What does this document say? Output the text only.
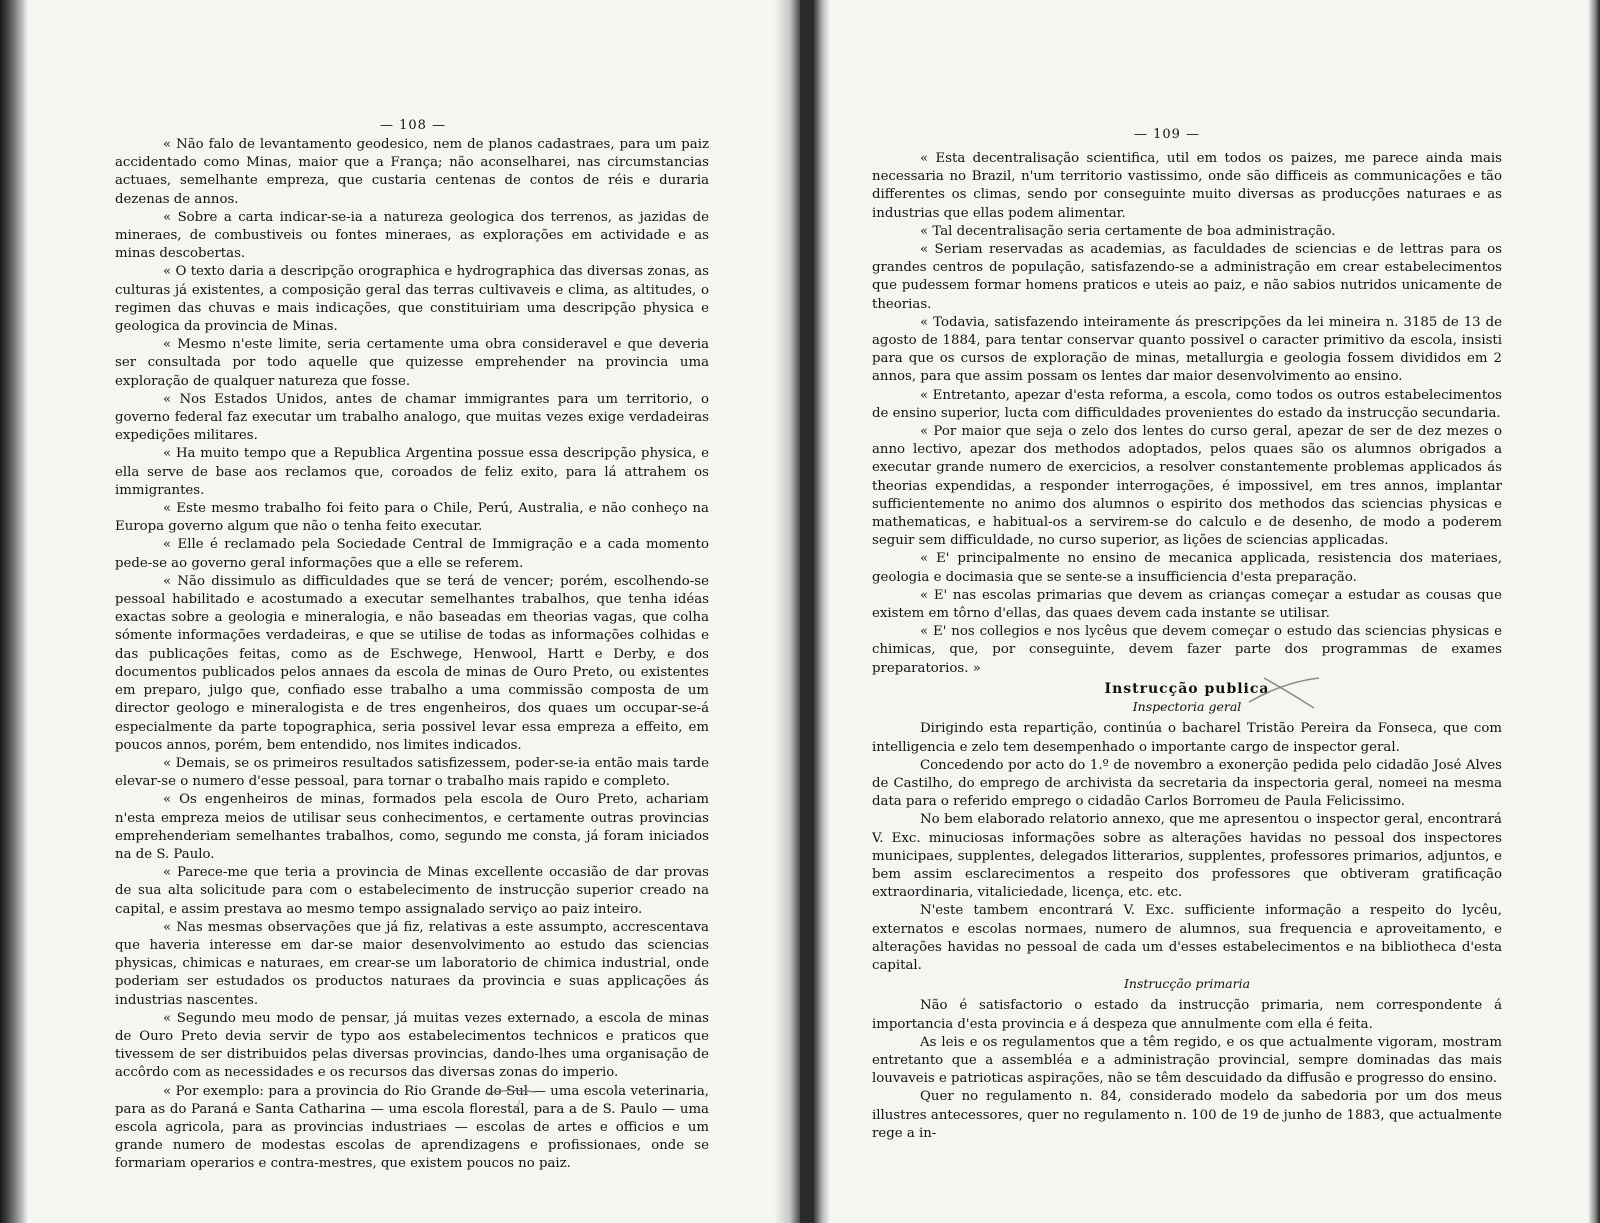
— 108 —

« Não falo de levantamento geodesico, nem de planos cadastraes, para um paiz accidentado como Minas, maior que a França; não aconselharei, nas circumstancias actuaes, semelhante empreza, que custaria centenas de contos de réis e duraria dezenas de annos.

« Sobre a carta indicar-se-ia a natureza geologica dos terrenos, as jazidas de mineraes, de combustiveis ou fontes mineraes, as explorações em actividade e as minas descobertas.

« O texto daria a descripção orographica e hydrographica das diversas zonas, as culturas já existentes, a composição geral das terras cultivaveis e clima, as altitudes, o regimen das chuvas e mais indicações, que constituiriam uma descripção physica e geologica da provincia de Minas.

« Mesmo n'este limite, seria certamente uma obra consideravel e que deveria ser consultada por todo aquelle que quizesse emprehender na provincia uma exploração de qualquer natureza que fosse.

« Nos Estados Unidos, antes de chamar immigrantes para um territorio, o governo federal faz executar um trabalho analogo, que muitas vezes exige verdadeiras expedições militares.

« Ha muito tempo que a Republica Argentina possue essa descripção physica, e ella serve de base aos reclamos que, coroados de feliz exito, para lá attrahem os immigrantes.

« Este mesmo trabalho foi feito para o Chile, Perú, Australia, e não conheço na Europa governo algum que não o tenha feito executar.

« Elle é reclamado pela Sociedade Central de Immigração e a cada momento pede-se ao governo geral informações que a elle se referem.

« Não dissimulo as difficuldades que se terá de vencer; porém, escolhendo-se pessoal habilitado e acostumado a executar semelhantes trabalhos, que tenha idéas exactas sobre a geologia e mineralogia, e não baseadas em theorias vagas, que colha sómente informações verdadeiras, e que se utilise de todas as informações colhidas e das publicações feitas, como as de Eschwege, Henwool, Hartt e Derby, e dos documentos publicados pelos annaes da escola de minas de Ouro Preto, ou existentes em preparo, julgo que, confiado esse trabalho a uma commissão composta de um director geologo e mineralogista e de tres engenheiros, dos quaes um occupar-se-á especialmente da parte topographica, seria possivel levar essa empreza a effeito, em poucos annos, porém, bem entendido, nos limites indicados.

« Demais, se os primeiros resultados satisfizessem, poder-se-ia então mais tarde elevar-se o numero d'esse pessoal, para tornar o trabalho mais rapido e completo.

« Os engenheiros de minas, formados pela escola de Ouro Preto, achariam n'esta empreza meios de utilisar seus conhecimentos, e certamente outras provincias emprehenderiam semelhantes trabalhos, como, segundo me consta, já foram iniciados na de S. Paulo.

« Parece-me que teria a provincia de Minas excellente occasião de dar provas de sua alta solicitude para com o estabelecimento de instrucção superior creado na capital, e assim prestava ao mesmo tempo assignalado serviço ao paiz inteiro.

« Nas mesmas observações que já fiz, relativas a este assumpto, accrescentava que haveria interesse em dar-se maior desenvolvimento ao estudo das sciencias physicas, chimicas e naturaes, em crear-se um laboratorio de chimica industrial, onde poderiam ser estudados os productos naturaes da provincia e suas applicações ás industrias nascentes.

« Segundo meu modo de pensar, já muitas vezes externado, a escola de minas de Ouro Preto devia servir de typo aos estabelecimentos technicos e praticos que tivessem de ser distribuidos pelas diversas provincias, dando-lhes uma organisação de accôrdo com as necessidades e os recursos das diversas zonas do imperio.

« Por exemplo: para a provincia do Rio Grande do Sul — uma escola veterinaria, para as do Paraná e Santa Catharina — uma escola florestal, para a de S. Paulo — uma escola agricola, para as provincias industriaes — escolas de artes e officios e um grande numero de modestas escolas de aprendizagens e profissionaes, onde se formariam operarios e contra-mestres, que existem poucos no paiz.

— 109 —

« Esta decentralisação scientifica, util em todos os paizes, me parece ainda mais necessaria no Brazil, n'um territorio vastissimo, onde são difficeis as communicações e tão differentes os climas, sendo por conseguinte muito diversas as producções naturaes e as industrias que ellas podem alimentar.

« Tal decentralisação seria certamente de boa administração.

« Seriam reservadas as academias, as faculdades de sciencias e de lettras para os grandes centros de população, satisfazendo-se a administração em crear estabelecimentos que pudessem formar homens praticos e uteis ao paiz, e não sabios nutridos unicamente de theorias.

« Todavia, satisfazendo inteiramente ás prescripções da lei mineira n. 3185 de 13 de agosto de 1884, para tentar conservar quanto possivel o caracter primitivo da escola, insisti para que os cursos de exploração de minas, metallurgia e geologia fossem divididos em 2 annos, para que assim possam os lentes dar maior desenvolvimento ao ensino.

« Entretanto, apezar d'esta reforma, a escola, como todos os outros estabelecimentos de ensino superior, lucta com difficuldades provenientes do estado da instrucção secundaria.

« Por maior que seja o zelo dos lentes do curso geral, apezar de ser de dez mezes o anno lectivo, apezar dos methodos adoptados, pelos quaes são os alumnos obrigados a executar grande numero de exercicios, a resolver constantemente problemas applicados ás theorias expendidas, a responder interrogações, é impossivel, em tres annos, implantar sufficientemente no animo dos alumnos o espirito dos methodos das sciencias physicas e mathematicas, e habitual-os a servirem-se do calculo e de desenho, de modo a poderem seguir sem difficuldade, no curso superior, as lições de sciencias applicadas.

« E' principalmente no ensino de mecanica applicada, resistencia dos materiaes, geologia e docimasia que se sente-se a insufficiencia d'esta preparação.

« E' nas escolas primarias que devem as crianças começar a estudar as cousas que existem em tôrno d'ellas, das quaes devem cada instante se utilisar.

« E' nos collegios e nos lycêus que devem começar o estudo das sciencias physicas e chimicas, que, por conseguinte, devem fazer parte dos programmas de exames preparatorios. »

Instrucção publica
Inspectoria geral

Dirigindo esta repartição, continúa o bacharel Tristão Pereira da Fonseca, que com intelligencia e zelo tem desempenhado o importante cargo de inspector geral.

Concedendo por acto do 1.º de novembro a exonerção pedida pelo cidadão José Alves de Castilho, do emprego de archivista da secretaria da inspectoria geral, nomeei na mesma data para o referido emprego o cidadão Carlos Borromeu de Paula Felicissimo.

No bem elaborado relatorio annexo, que me apresentou o inspector geral, encontrará V. Exc. minuciosas informações sobre as alterações havidas no pessoal dos inspectores municipaes, supplentes, delegados litterarios, supplentes, professores primarios, adjuntos, e bem assim esclarecimentos a respeito dos professores que obtiveram gratificação extraordinaria, vitaliciedade, licença, etc. etc.

N'este tambem encontrará V. Exc. sufficiente informação a respeito do lycêu, externatos e escolas normaes, numero de alumnos, sua frequencia e aproveitamento, e alterações havidas no pessoal de cada um d'esses estabelecimentos e na bibliotheca d'esta capital.

Instrucção primaria

Não é satisfactorio o estado da instrucção primaria, nem correspondente á importancia d'esta provincia e á despeza que annulmente com ella é feita.

As leis e os regulamentos que a têm regido, e os que actualmente vigoram, mostram entretanto que a assembléa e a administração provincial, sempre dominadas das mais louvaveis e patrioticas aspirações, não se têm descuidado da diffusão e progresso do ensino.

Quer no regulamento n. 84, considerado modelo da sabedoria por um dos meus illustres antecessores, quer no regulamento n. 100 de 19 de junho de 1883, que actualmente rege a in-
